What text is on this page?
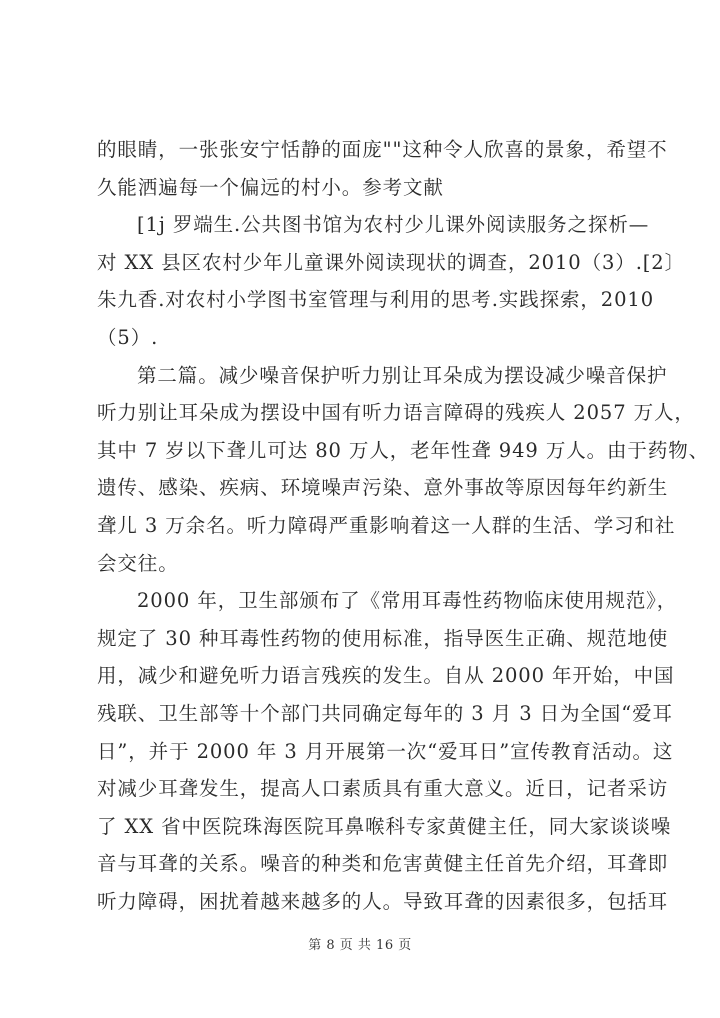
的眼睛，一张张安宁恬静的面庞""这种令人欣喜的景象，希望不
久能洒遍每一个偏远的村小。参考文献
[1j 罗端生.公共图书馆为农村少儿课外阅读服务之探析—
对 XX 县区农村少年儿童课外阅读现状的调查，2010（3）.[2〕
朱九香.对农村小学图书室管理与利用的思考.实践探索，2010
（5）.
第二篇。减少噪音保护听力别让耳朵成为摆设减少噪音保护
听力别让耳朵成为摆设中国有听力语言障碍的残疾人 2057 万人，
其中 7 岁以下聋儿可达 80 万人，老年性聋 949 万人。由于药物、
遗传、感染、疾病、环境噪声污染、意外事故等原因每年约新生
聋儿 3 万余名。听力障碍严重影响着这一人群的生活、学习和社
会交往。
2000 年，卫生部颁布了《常用耳毒性药物临床使用规范》，
规定了 30 种耳毒性药物的使用标准，指导医生正确、规范地使
用，减少和避免听力语言残疾的发生。自从 2000 年开始，中国
残联、卫生部等十个部门共同确定每年的 3 月 3 日为全国“爱耳
日”，并于 2000 年 3 月开展第一次“爱耳日”宣传教育活动。这
对减少耳聋发生，提高人口素质具有重大意义。近日，记者采访
了 XX 省中医院珠海医院耳鼻喉科专家黄健主任，同大家谈谈噪
音与耳聋的关系。噪音的种类和危害黄健主任首先介绍，耳聋即
听力障碍，困扰着越来越多的人。导致耳聋的因素很多，包括耳
第 8 页 共 16 页
